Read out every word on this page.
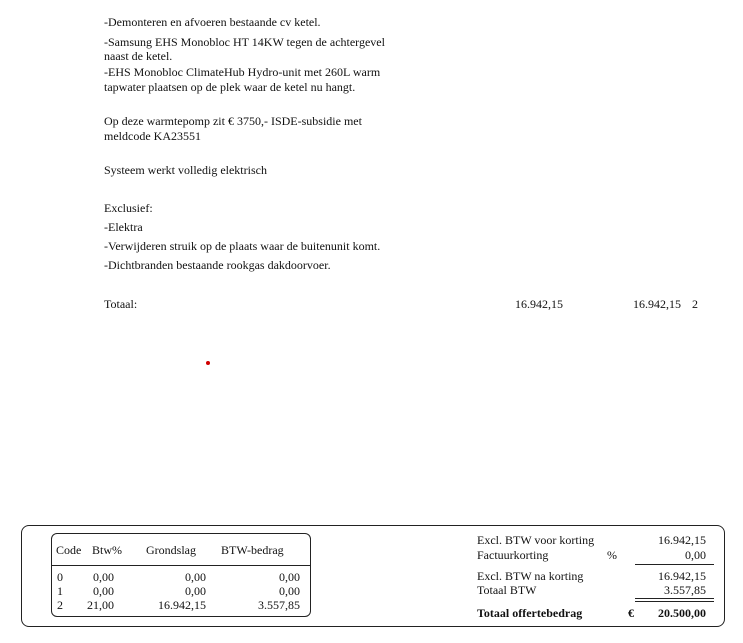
-Demonteren en afvoeren bestaande cv ketel.
-Samsung EHS Monobloc HT 14KW tegen de achtergevel
naast de ketel.
-EHS Monobloc ClimateHub Hydro-unit met 260L warm
tapwater plaatsen op de plek waar de ketel nu hangt.
Op deze warmtepomp zit € 3750,- ISDE-subsidie met
meldcode KA23551
Systeem werkt volledig elektrisch
Exclusief:
-Elektra
-Verwijderen struik op de plaats waar de buitenunit komt.
-Dichtbranden bestaande rookgas dakdoorvoer.
Totaal:	16.942,15	16.942,15 2
Code Btw% Grondslag BTW-bedrag
0	0,00	0,00	0,00
1	0,00	0,00	0,00
2	21,00	16.942,15	3.557,85
Excl. BTW voor korting	16.942,15
Factuurkorting	%	0,00
Excl. BTW na korting	16.942,15
Totaal BTW	3.557,85
Totaal offertebedrag	€	20.500,00
